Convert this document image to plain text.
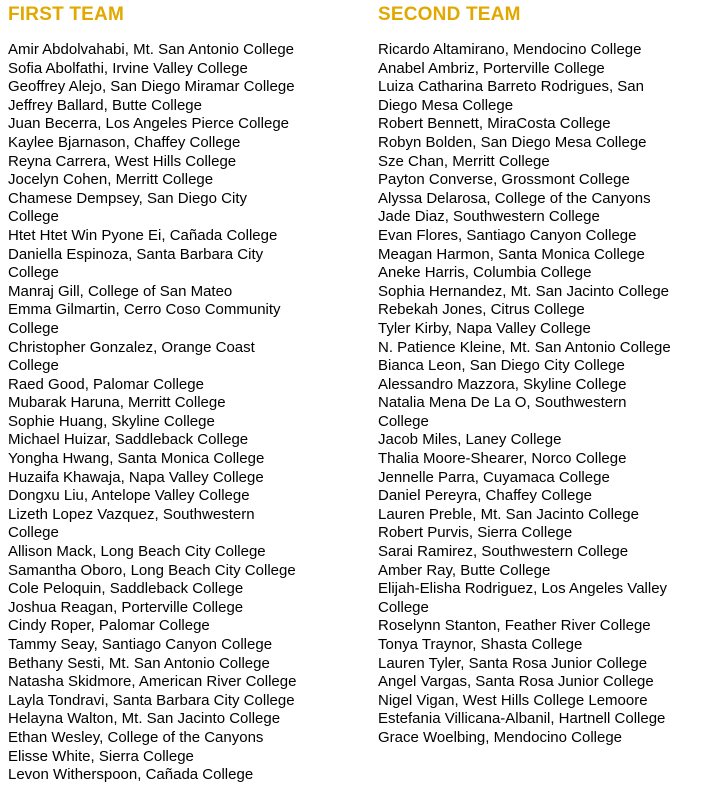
FIRST TEAM
Amir Abdolvahabi, Mt. San Antonio College
Sofia Abolfathi, Irvine Valley College
Geoffrey Alejo, San Diego Miramar College
Jeffrey Ballard, Butte College
Juan Becerra, Los Angeles Pierce College
Kaylee Bjarnason, Chaffey College
Reyna Carrera, West Hills College
Jocelyn Cohen, Merritt College
Chamese Dempsey, San Diego City
College
Htet Htet Win Pyone Ei, Cañada College
Daniella Espinoza, Santa Barbara City
College
Manraj Gill, College of San Mateo
Emma Gilmartin, Cerro Coso Community
College
Christopher Gonzalez, Orange Coast
College
Raed Good, Palomar College
Mubarak Haruna, Merritt College
Sophie Huang, Skyline College
Michael Huizar, Saddleback College
Yongha Hwang, Santa Monica College
Huzaifa Khawaja, Napa Valley College
Dongxu Liu, Antelope Valley College
Lizeth Lopez Vazquez, Southwestern
College
Allison Mack, Long Beach City College
Samantha Oboro, Long Beach City College
Cole Peloquin, Saddleback College
Joshua Reagan, Porterville College
Cindy Roper, Palomar College
Tammy Seay, Santiago Canyon College
Bethany Sesti, Mt. San Antonio College
Natasha Skidmore, American River College
Layla Tondravi, Santa Barbara City College
Helayna Walton, Mt. San Jacinto College
Ethan Wesley, College of the Canyons
Elisse White, Sierra College
Levon Witherspoon, Cañada College
SECOND TEAM
Ricardo Altamirano, Mendocino College
Anabel Ambriz, Porterville College
Luiza Catharina Barreto Rodrigues, San
Diego Mesa College
Robert Bennett, MiraCosta College
Robyn Bolden, San Diego Mesa College
Sze Chan, Merritt College
Payton Converse, Grossmont College
Alyssa Delarosa, College of the Canyons
Jade Diaz, Southwestern College
Evan Flores, Santiago Canyon College
Meagan Harmon, Santa Monica College
Aneke Harris, Columbia College
Sophia Hernandez, Mt. San Jacinto College
Rebekah Jones, Citrus College
Tyler Kirby, Napa Valley College
N. Patience Kleine, Mt. San Antonio College
Bianca Leon, San Diego City College
Alessandro Mazzora, Skyline College
Natalia Mena De La O, Southwestern
College
Jacob Miles, Laney College
Thalia Moore-Shearer, Norco College
Jennelle Parra, Cuyamaca College
Daniel Pereyra, Chaffey College
Lauren Preble, Mt. San Jacinto College
Robert Purvis, Sierra College
Sarai Ramirez, Southwestern College
Amber Ray, Butte College
Elijah-Elisha Rodriguez, Los Angeles Valley
College
Roselynn Stanton, Feather River College
Tonya Traynor, Shasta College
Lauren Tyler, Santa Rosa Junior College
Angel Vargas, Santa Rosa Junior College
Nigel Vigan, West Hills College Lemoore
Estefania Villicana-Albanil, Hartnell College
Grace Woelbing, Mendocino College
